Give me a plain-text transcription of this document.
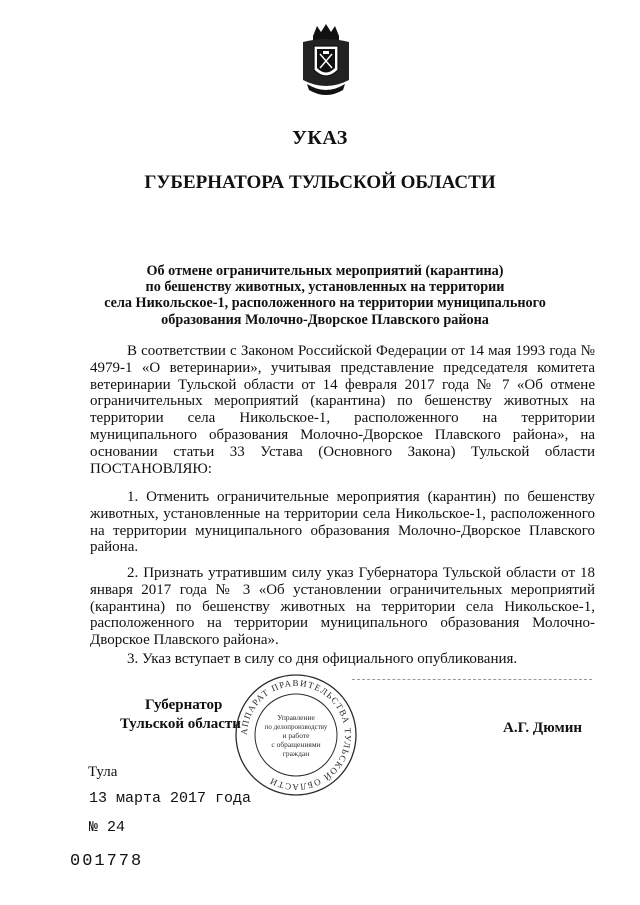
УКАЗ
ГУБЕРНАТОРА ТУЛЬСКОЙ ОБЛАСТИ
Об отмене ограничительных мероприятий (карантина)
по бешенству животных, установленных на территории
села Никольское-1, расположенного на территории муниципального
образования Молочно-Дворское Плавского района

В соответствии с Законом Российской Федерации от 14 мая 1993 года № 4979-1 «О ветеринарии», учитывая представление председателя комитета ветеринарии Тульской области от 14 февраля 2017 года № 7 «Об отмене ограничительных мероприятий (карантина) по бешенству животных на территории села Никольское-1, расположенного на территории муниципального образования Молочно-Дворское Плавского района», на основании статьи 33 Устава (Основного Закона) Тульской области ПОСТАНОВЛЯЮ:

1. Отменить ограничительные мероприятия (карантин) по бешенству животных, установленные на территории села Никольское-1, расположенного на территории муниципального образования Молочно-Дворское Плавского района.

2. Признать утратившим силу указ Губернатора Тульской области от 18 января 2017 года № 3 «Об установлении ограничительных мероприятий (карантина) по бешенству животных на территории села Никольское-1, расположенного на территории муниципального образования Молочно-Дворское Плавского района».

3. Указ вступает в силу со дня официального опубликования.

Губернатор
Тульской области	А.Г. Дюмин
АППАРАТ ПРАВИТЕЛЬСТВА ТУЛЬСКОЙ ОБЛАСТИ
Управление
по делопроизводству
и работе
с обращениями
граждан
Тула
13 марта 2017 года
№ 24
001778
